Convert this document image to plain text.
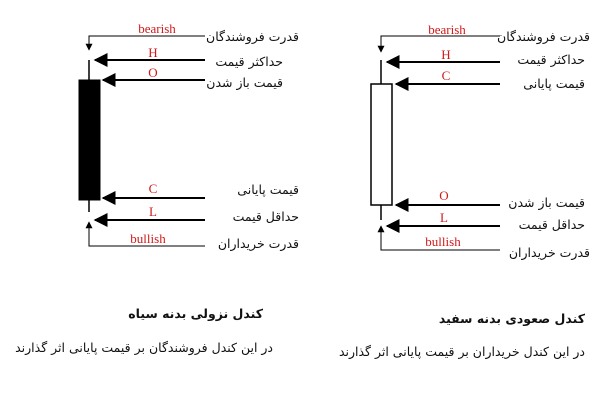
bearish
H
O
C
L
bullish
قدرت فروشندگان
حداکثر قیمت
قیمت باز شدن
قیمت پایانی
حداقل قیمت
قدرت خریداران
کندل نزولی بدنه سیاه
در این کندل فروشندگان بر قیمت پایانی اثر گذارند
bearish
H
C
O
L
bullish
قدرت فروشندگان
حداکثر قیمت
قیمت پایانی
قیمت باز شدن
حداقل قیمت
قدرت خریداران
کندل صعودی بدنه سفید
در این کندل خریداران بر قیمت پایانی اثر گذارند
